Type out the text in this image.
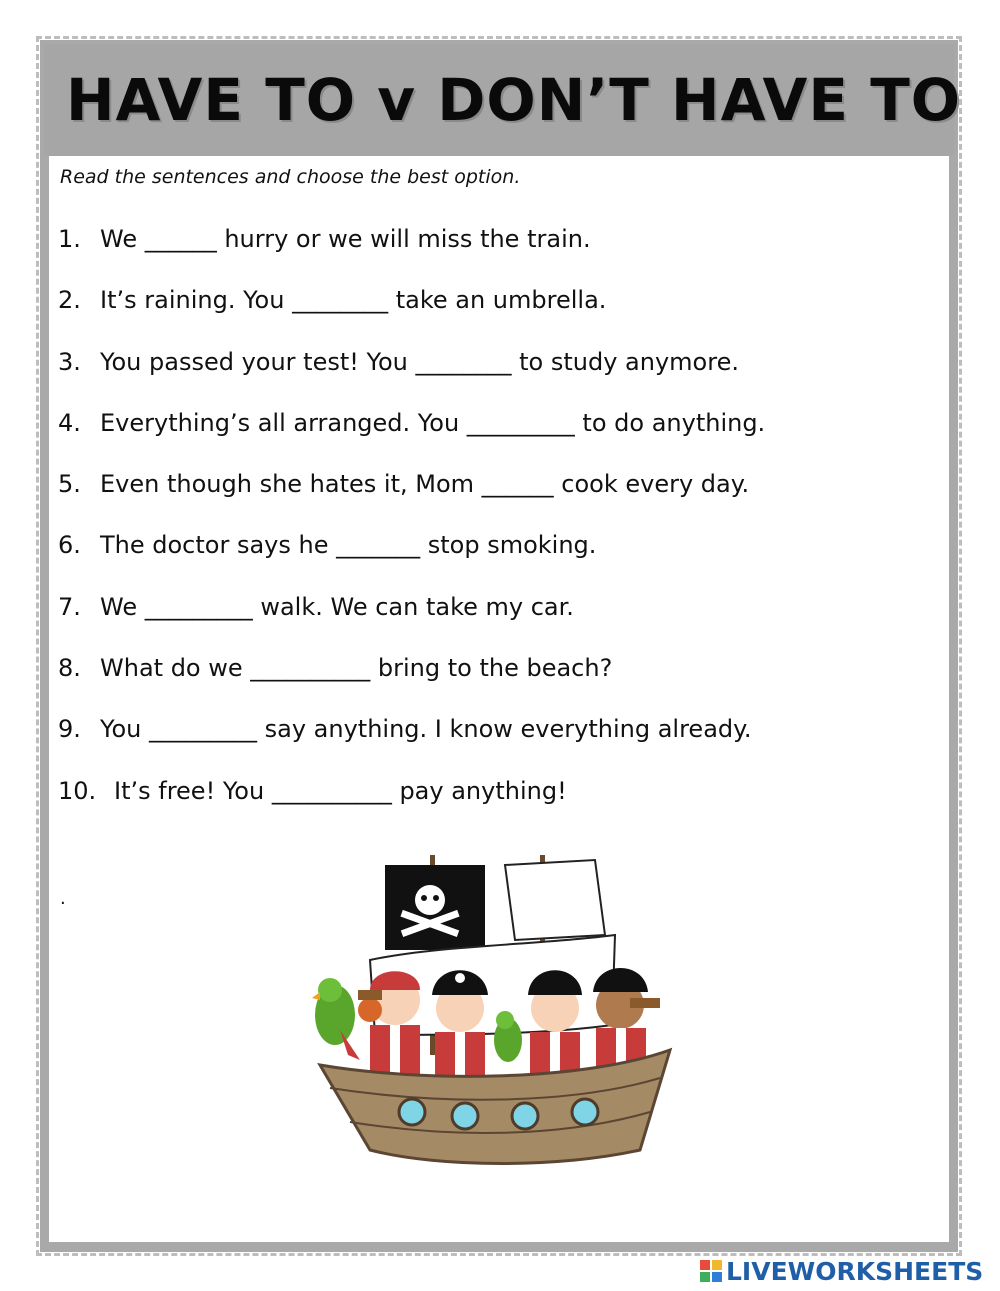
HAVE TO v DON’T HAVE TO
Read the sentences and choose the best option.
1. We ______ hurry or we will miss the train.
2. It’s raining. You ________ take an umbrella.
3. You passed your test! You ________ to study anymore.
4. Everything’s all arranged. You _________ to do anything.
5. Even though she hates it, Mom ______ cook every day.
6. The doctor says he _______ stop smoking.
7. We _________ walk. We can take my car.
8. What do we __________ bring to the beach?
9. You _________ say anything. I know everything already.
10. It’s free! You __________ pay anything!
.
LIVEWORKSHEETS
